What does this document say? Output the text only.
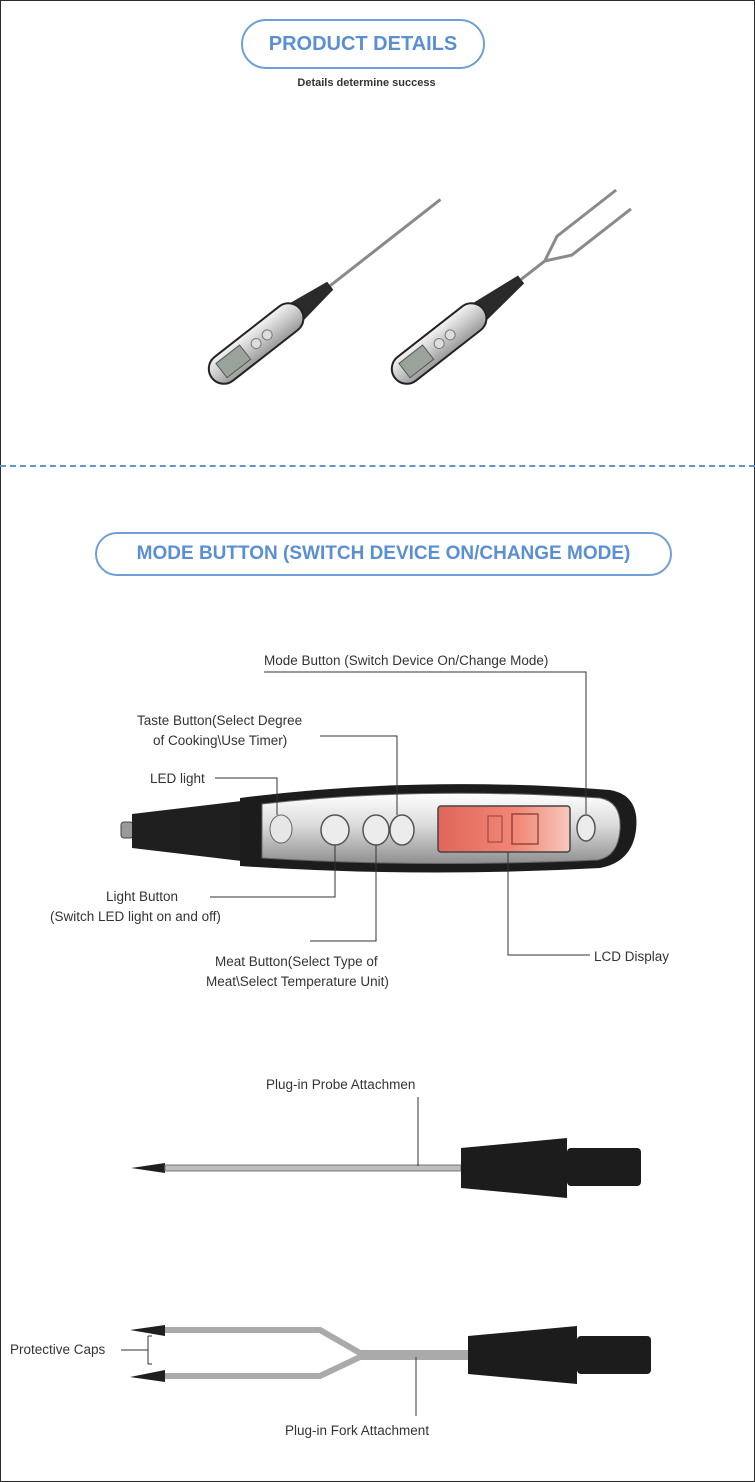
PRODUCT DETAILS
Details determine success
MODE BUTTON (SWITCH DEVICE ON/CHANGE MODE)
Mode Button (Switch Device On/Change Mode)
Taste Button(Select Degree
of Cooking\Use Timer)
LED light
Light Button
(Switch LED light on and off)
Meat Button(Select Type of
Meat\Select Temperature Unit)
LCD Display
Plug-in Probe Attachmen
Protective Caps
Plug-in Fork Attachment
